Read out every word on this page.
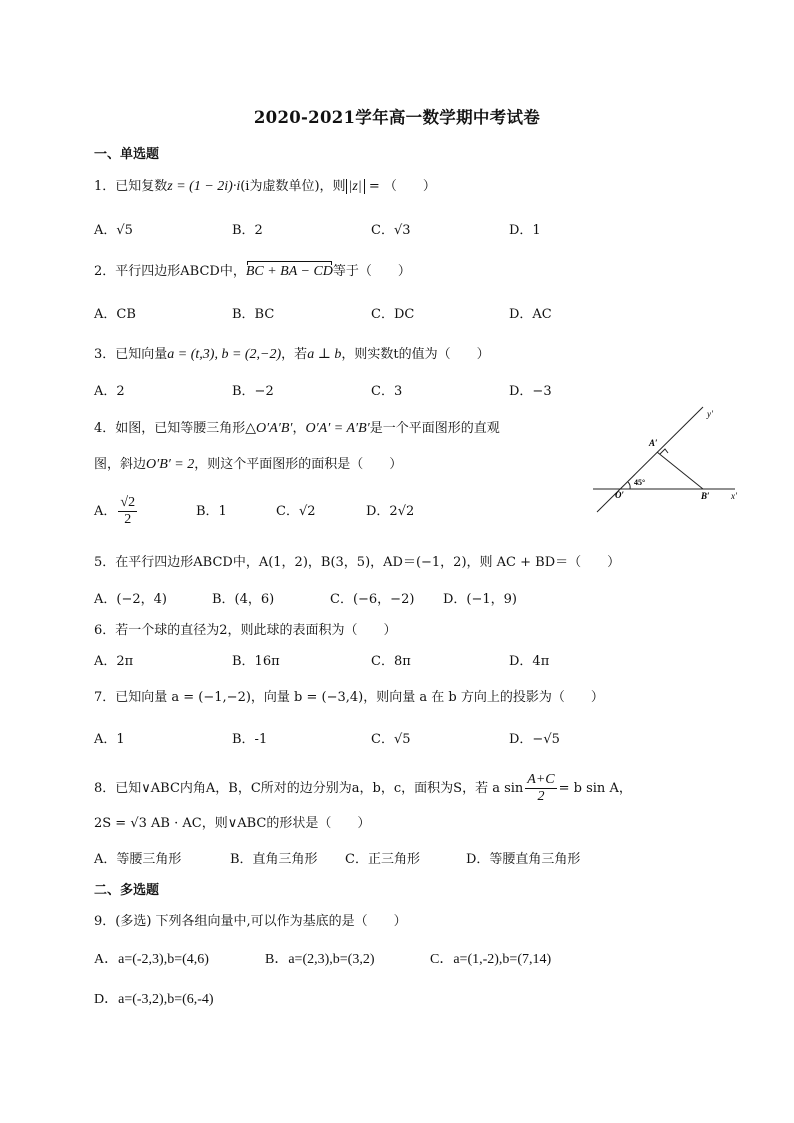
2020-2021学年高一数学期中考试卷
一、单选题
1．已知复数z = (1 − 2i)·i(i为虚数单位)，则 |z| = （　　）
A．√5	B．2	C．√3	D．1
2．平行四边形ABCD中，BC + BA − CD等于（　　）
A．CB	B．BC	C．DC	D．AC
3．已知向量a = (t,3), b = (2,−2)，若a ⊥ b，则实数t的值为（　　）
A．2	B．−2	C．3	D．−3
4．如图，已知等腰三角形△O′A′B′，O′A′ = A′B′是一个平面图形的直观
图，斜边O′B′ = 2，则这个平面图形的面积是（　　）
A． $\frac{√2}{2}$	B．1	C．√2	D．2√2
y′
x′
A′
O′	B′
45°
5．在平行四边形ABCD中，A(1，2)，B(3，5)，AD＝(−1，2)，则 AC + BD＝（　　）
A．(−2，4)	B．(4，6)	C．(−6，−2) D．(−1，9)
6．若一个球的直径为2，则此球的表面积为（　　）
A．2π	B．16π	C．8π	D．4π
7．已知向量 a = (−1,−2)，向量 b = (−3,4)，则向量 a 在 b 方向上的投影为（　　）
A．1	B．-1	C．√5	D．−√5
8．已知∨ABC内角A，B，C所对的边分别为a，b，c，面积为S，若 a $\sin \frac{A+C}{2} = b$ sin A，
2S = √3 AB · AC，则∨ABC的形状是（　　）
A．等腰三角形	B．直角三角形 C．正三角形	D．等腰直角三角形
二、多选题
9．(多选) 下列各组向量中,可以作为基底的是（　　）
A．a=(-2,3),b=(4,6)	B．a=(2,3),b=(3,2)	C．a=(1,-2),b=(7,14)
D．a=(-3,2),b=(6,-4)
